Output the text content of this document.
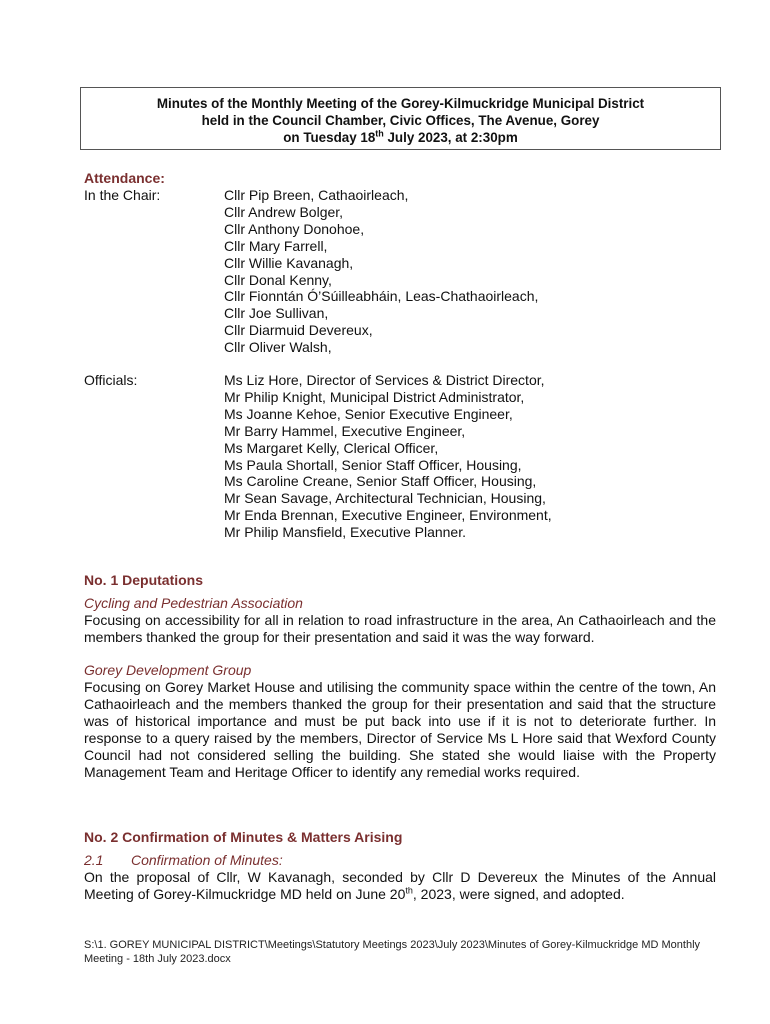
Minutes of the Monthly Meeting of the Gorey-Kilmuckridge Municipal District
held in the Council Chamber, Civic Offices, The Avenue, Gorey
on Tuesday 18th July 2023, at 2:30pm
Attendance:
In the Chair:	Cllr Pip Breen, Cathaoirleach,
Cllr Andrew Bolger,
Cllr Anthony Donohoe,
Cllr Mary Farrell,
Cllr Willie Kavanagh,
Cllr Donal Kenny,
Cllr Fionntán Ó’Súilleabháin, Leas-Chathaoirleach,
Cllr Joe Sullivan,
Cllr Diarmuid Devereux,
Cllr Oliver Walsh,
Officials:	Ms Liz Hore, Director of Services & District Director,
Mr Philip Knight, Municipal District Administrator,
Ms Joanne Kehoe, Senior Executive Engineer,
Mr Barry Hammel, Executive Engineer,
Ms Margaret Kelly, Clerical Officer,
Ms Paula Shortall, Senior Staff Officer, Housing,
Ms Caroline Creane, Senior Staff Officer, Housing,
Mr Sean Savage, Architectural Technician, Housing,
Mr Enda Brennan, Executive Engineer, Environment,
Mr Philip Mansfield, Executive Planner.
No. 1 Deputations
Cycling and Pedestrian Association
Focusing on accessibility for all in relation to road infrastructure in the area, An Cathaoirleach and the members thanked the group for their presentation and said it was the way forward.
Gorey Development Group
Focusing on Gorey Market House and utilising the community space within the centre of the town, An Cathaoirleach and the members thanked the group for their presentation and said that the structure was of historical importance and must be put back into use if it is not to deteriorate further. In response to a query raised by the members, Director of Service Ms L Hore said that Wexford County Council had not considered selling the building. She stated she would liaise with the Property Management Team and Heritage Officer to identify any remedial works required.
No. 2 Confirmation of Minutes & Matters Arising
2.1 Confirmation of Minutes:
On the proposal of Cllr, W Kavanagh, seconded by Cllr D Devereux the Minutes of the Annual Meeting of Gorey-Kilmuckridge MD held on June 20th, 2023, were signed, and adopted.
S:\1. GOREY MUNICIPAL DISTRICT\Meetings\Statutory Meetings 2023\July 2023\Minutes of Gorey-Kilmuckridge MD Monthly Meeting - 18th July 2023.docx
